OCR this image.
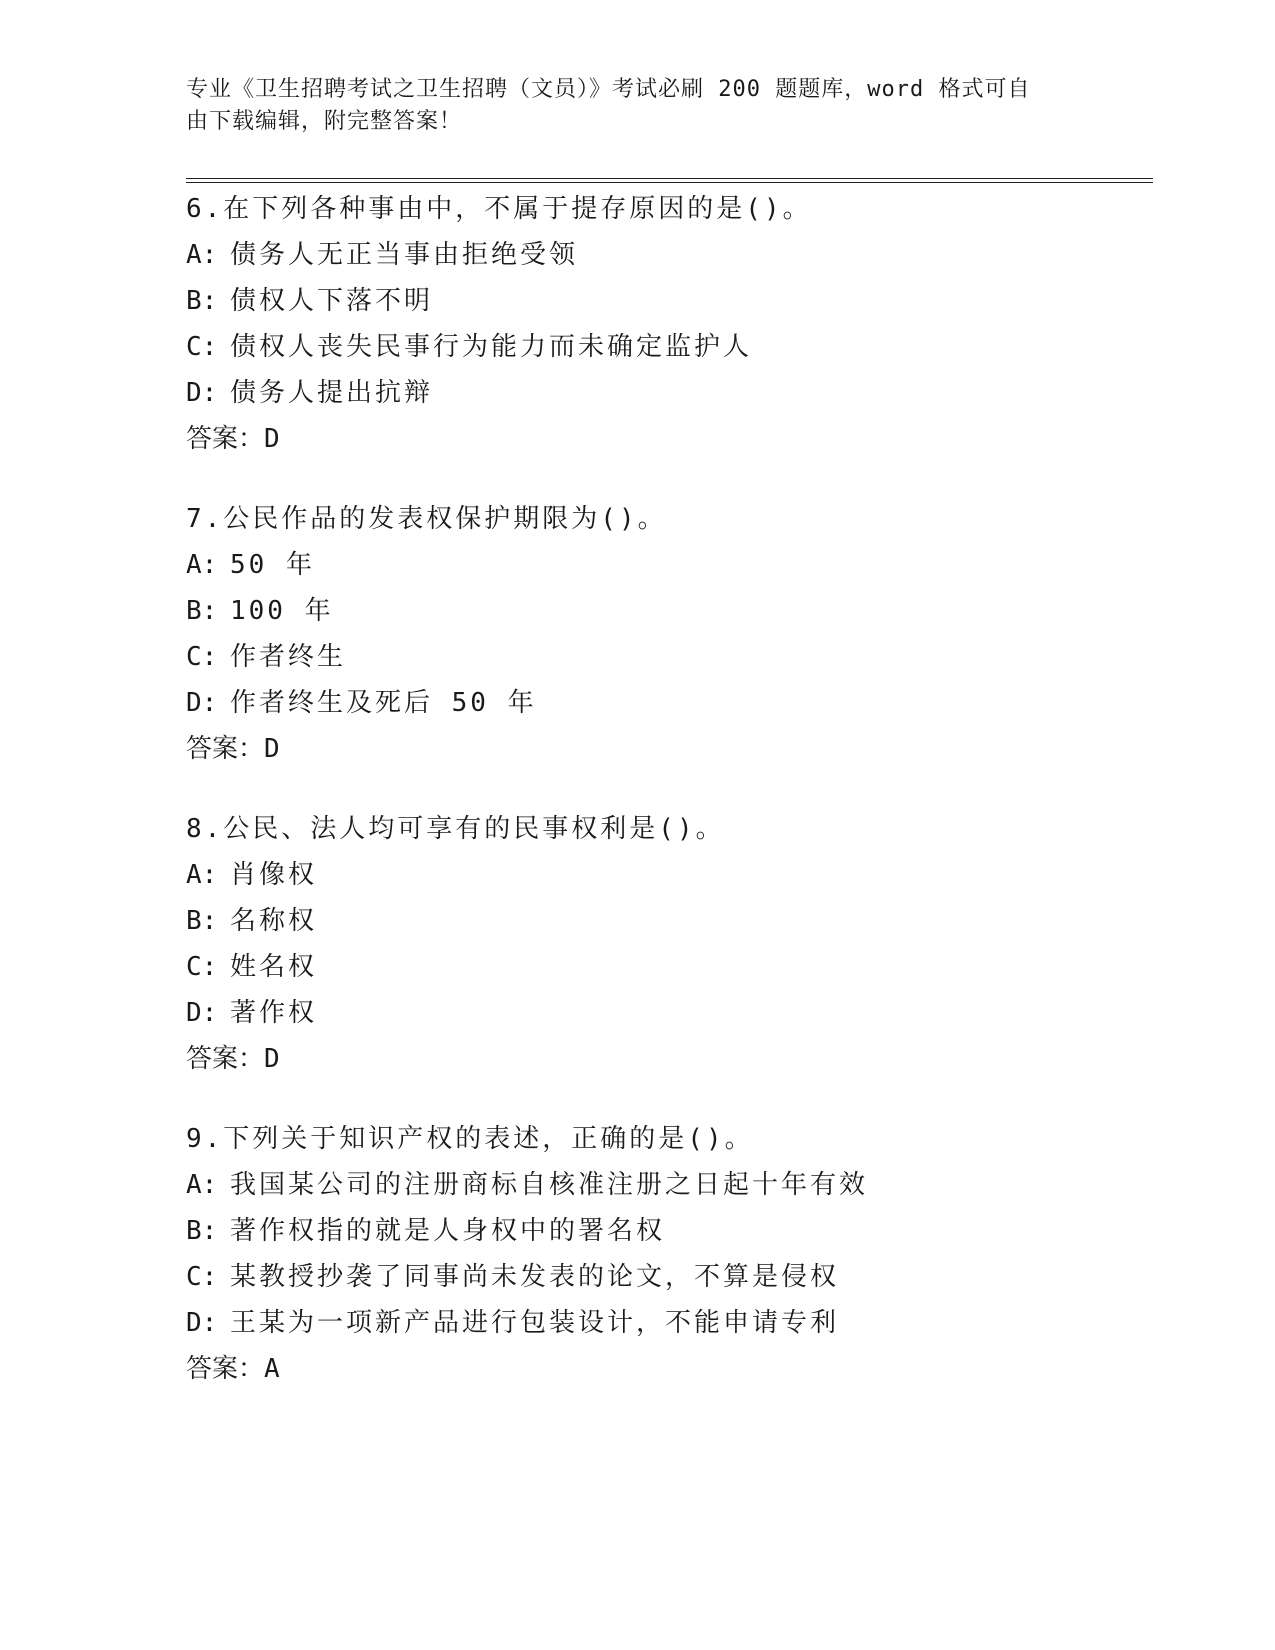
专业《卫生招聘考试之卫生招聘（文员）》考试必刷 200 题题库，word 格式可自
由下载编辑，附完整答案！
6.在下列各种事由中，不属于提存原因的是()。
A: 债务人无正当事由拒绝受领
B: 债权人下落不明
C: 债权人丧失民事行为能力而未确定监护人
D: 债务人提出抗辩
答案：D
7.公民作品的发表权保护期限为()。
A: 50 年
B: 100 年
C: 作者终生
D: 作者终生及死后 50 年
答案：D
8.公民、法人均可享有的民事权利是()。
A: 肖像权
B: 名称权
C: 姓名权
D: 著作权
答案：D
9.下列关于知识产权的表述，正确的是()。
A: 我国某公司的注册商标自核准注册之日起十年有效
B: 著作权指的就是人身权中的署名权
C: 某教授抄袭了同事尚未发表的论文，不算是侵权
D: 王某为一项新产品进行包装设计，不能申请专利
答案：A
